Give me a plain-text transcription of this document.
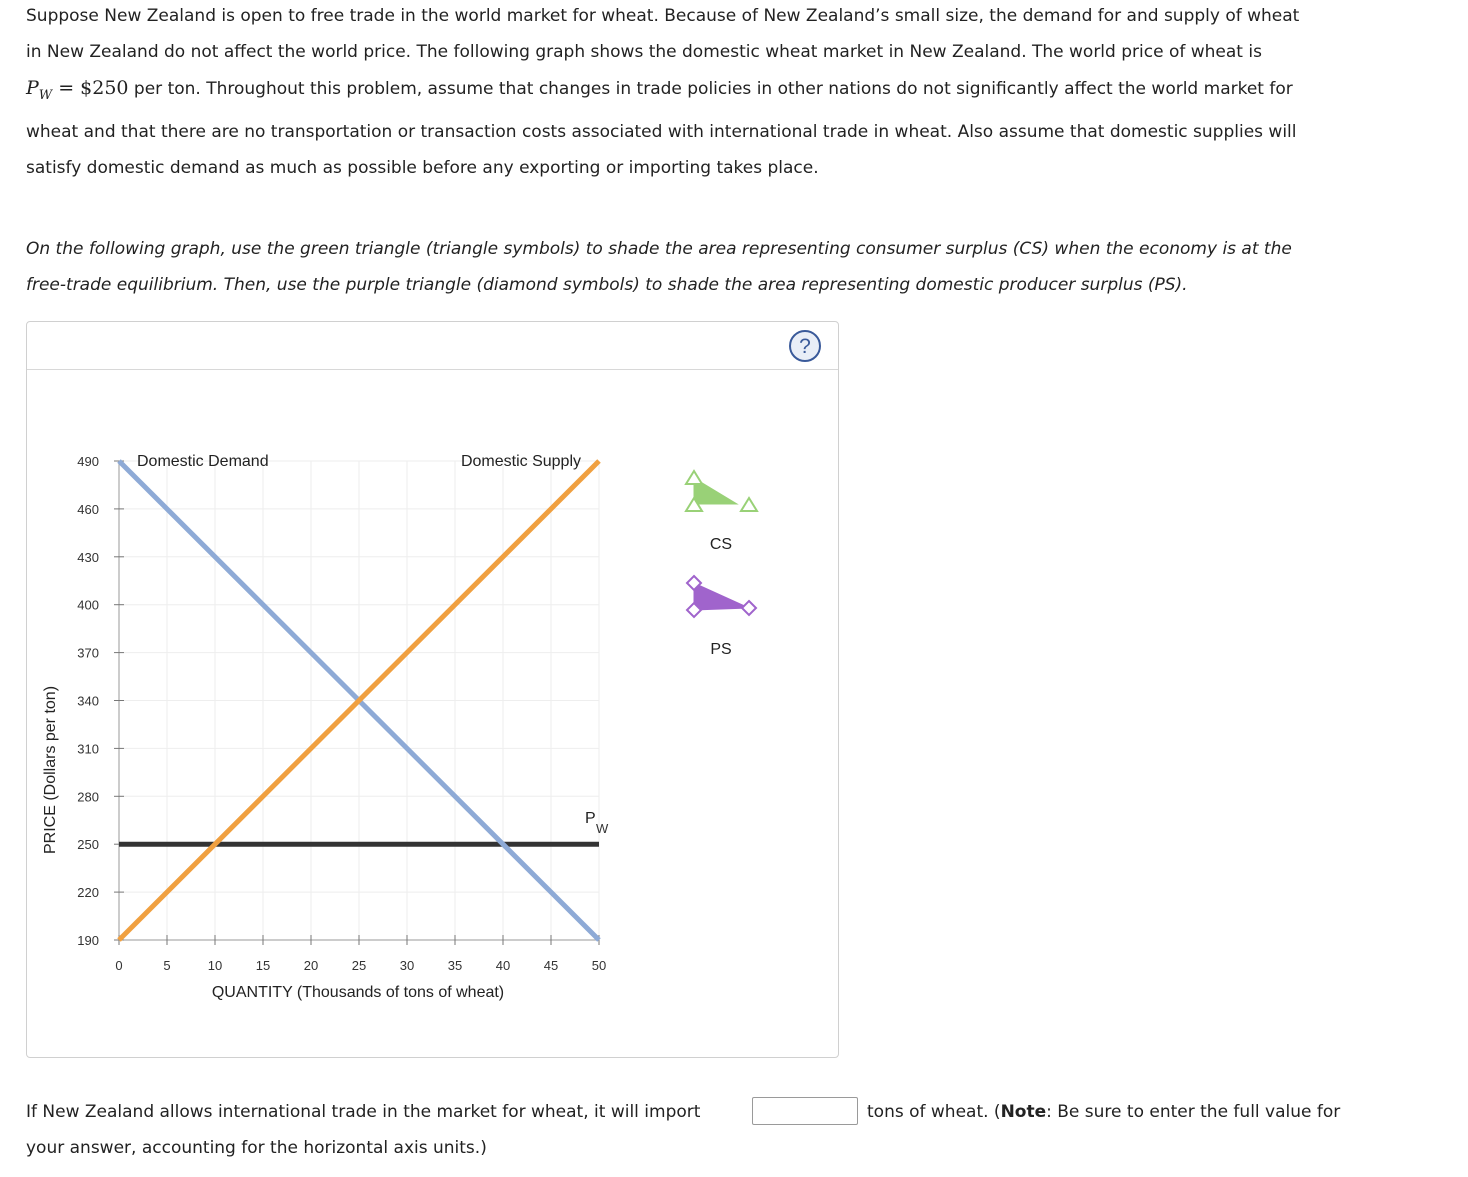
Suppose New Zealand is open to free trade in the world market for wheat. Because of New Zealand’s small size, the demand for and supply of wheat
in New Zealand do not affect the world price. The following graph shows the domestic wheat market in New Zealand. The world price of wheat is
$P_W$ = $250 per ton. Throughout this problem, assume that changes in trade policies in other nations do not significantly affect the world market for
wheat and that there are no transportation or transaction costs associated with international trade in wheat. Also assume that domestic supplies will
satisfy domestic demand as much as possible before any exporting or importing takes place.
On the following graph, use the green triangle (triangle symbols) to shade the area representing consumer surplus (CS) when the economy is at the
free-trade equilibrium. Then, use the purple triangle (diamond symbols) to shade the area representing domestic producer surplus (PS).
?
190
220
250
280
310
340
370
400
430
460
490
0	5	10	15	20	25	30	35	40	45	50
Domestic Demand	Domestic Supply
P
W
PRICE (Dollars per ton)
QUANTITY (Thousands of tons of wheat)
CS
PS
If New Zealand allows international trade in the market for wheat, it will import	tons of wheat. (Note: Be sure to enter the full value for
your answer, accounting for the horizontal axis units.)
